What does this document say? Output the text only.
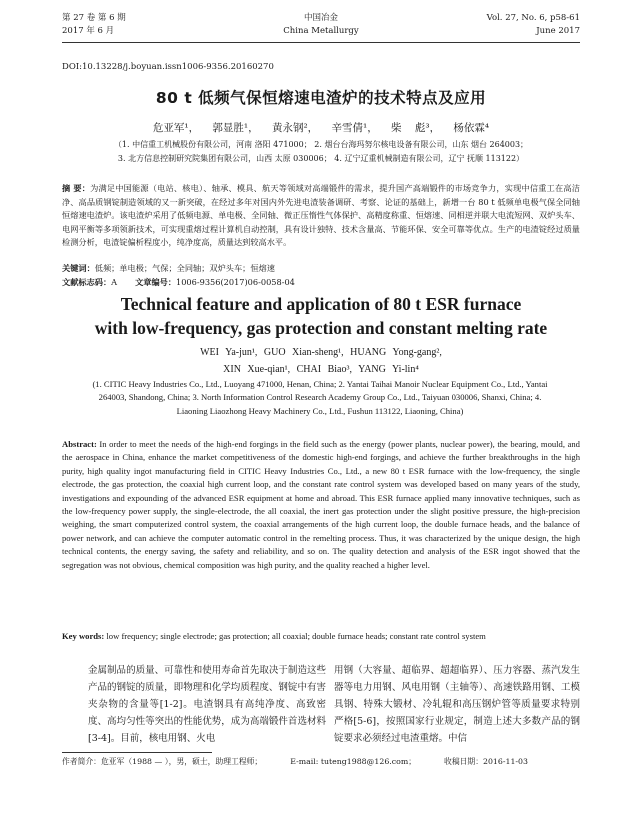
第 27 卷 第 6 期
2017 年 6 月
中国冶金
China Metallurgy
Vol. 27, No. 6, p58-61
June 2017
DOI:10.13228/j.boyuan.issn1006-9356.20160270
80 t 低频气保恒熔速电渣炉的技术特点及应用
危亚军¹， 郭显胜¹， 黄永钢²， 辛雪倩¹， 柴 彪³， 杨依霖⁴
（1. 中信重工机械股份有限公司，河南 洛阳 471000； 2. 烟台台海玛努尔核电设备有限公司，山东 烟台 264003；
3. 北方信息控制研究院集团有限公司，山西 太原 030006； 4. 辽宁辽重机械制造有限公司，辽宁 抚顺 113122）
摘 要：为满足中国能源（电站、核电）、轴承、模具、航天等领域对高端锻件的需求，提升国产高端锻件的市场竞争力，实现中信重工在高洁净、高品质钢锭制造领域的又一新突破，在经过多年对国内外先进电渣装备调研、考察、论证的基础上，新增一台 80 t 低频单电极气保全同轴恒熔速电渣炉。该电渣炉采用了低频电源、单电极、全同轴、微正压惰性气体保护、高精度称重、恒熔速、同相逆并联大电流短网、双炉头车、电网平衡等多项领新技术，可实现重熔过程计算机自动控制，具有设计独特、技术含量高、节能环保、安全可靠等优点。生产的电渣锭经过质量检测分析，电渣锭偏析程度小，纯净度高，质量达到较高水平。
关键词：低频；单电极；气保；全同轴；双炉头车；恒熔速
文献标志码：A 文章编号：1006-9356(2017)06-0058-04
Technical feature and application of 80 t ESR furnace
with low-frequency, gas protection and constant melting rate
WEI Ya-jun¹, GUO Xian-sheng¹, HUANG Yong-gang²,
XIN Xue-qian¹, CHAI Biao³, YANG Yi-lin⁴
(1. CITIC Heavy Industries Co., Ltd., Luoyang 471000, Henan, China; 2. Yantai Taihai Manoir Nuclear Equipment Co., Ltd., Yantai 264003, Shandong, China; 3. North Information Control Research Academy Group Co., Ltd., Taiyuan 030006, Shanxi, China; 4. Liaoning Liaozhong Heavy Machinery Co., Ltd., Fushun 113122, Liaoning, China)
Abstract: In order to meet the needs of the high-end forgings in the field such as the energy (power plants, nuclear power), the bearing, mould, and the aerospace in China, enhance the market competitiveness of the domestic high-end forgings, and achieve the further breakthroughs in the high purity, high quality ingot manufacturing field in CITIC Heavy Industries Co., Ltd., a new 80 t ESR furnace with the low-frequency, the single electrode, the gas protection, the coaxial high current loop, and the constant rate control system was developed based on many years of the study, investigations and expounding of the advanced ESR equipment at home and abroad. This ESR furnace applied many innovative techniques, such as the low-frequency power supply, the single-electrode, the all coaxial, the inert gas protection under the slight positive pressure, the high-precision weighing, the smart computerized control system, the coaxial arrangements of the high current loop, the double furnace heads, and the balance of power network, and can achieve the computer automatic control in the remelting process. Thus, it was characterized by the unique design, the high technical contents, the energy saving, the safety and reliability, and so on. The quality detection and analysis of the ESR ingot showed that the segregation was not obvious, chemical composition was high purity, and the quality reached a higher level.
Key words: low frequency; single electrode; gas protection; all coaxial; double furnace heads; constant rate control system
金属制品的质量、可靠性和使用寿命首先取决于制造这些产品的钢锭的质量，即物理和化学均质程度、钢锭中有害夹杂物的含量等[1-2]。电渣钢具有高纯净度、高致密度、高均匀性等突出的性能优势，成为高端锻件首选材料[3-4]。目前，核电用钢、火电
用钢（大容量、超临界、超超临界）、压力容器、蒸汽发生器等电力用钢、风电用钢（主轴等）、高速铁路用钢、工模具钢、特殊大锻材、冷轧辊和高压钢炉管等质量要求特别严格[5-6]，按照国家行业规定，制造上述大多数产品的钢锭要求必须经过电渣重熔。中信
作者简介：危亚军（1988 — ），男，硕士，助理工程师；	E-mail: tuteng1988@126.com；	收稿日期：2016-11-03
